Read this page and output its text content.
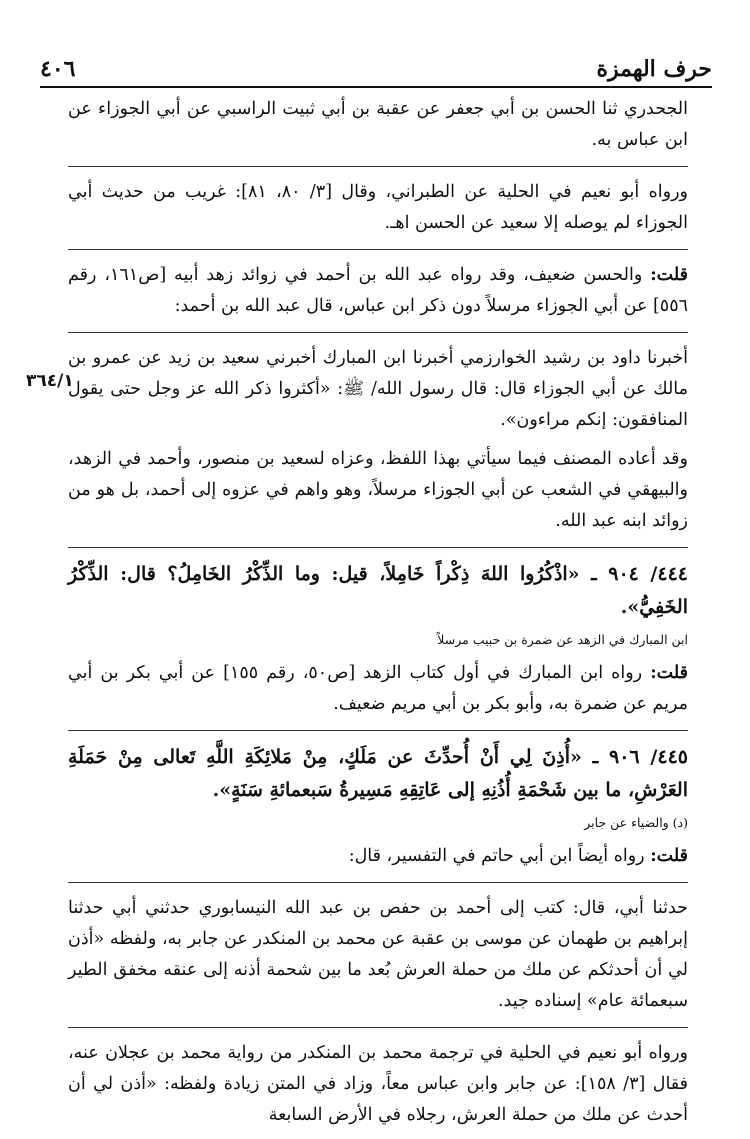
٤٠٦	حرف الهمزة
٣٦٤/١

الجحدري ثنا الحسن بن أبي جعفر عن عقبة بن أبي ثبيت الراسبي عن أبي الجوزاء عن ابن عباس به.

ورواه أبو نعيم في الحلية عن الطبراني، وقال [٣/ ٨٠، ٨١]: غريب من حديث أبي الجوزاء لم يوصله إلا سعيد عن الحسن اهـ.

قلت: والحسن ضعيف، وقد رواه عبد الله بن أحمد في زوائد زهد أبيه [ص١٦١، رقم ٥٥٦] عن أبي الجوزاء مرسلاً دون ذكر ابن عباس، قال عبد الله بن أحمد:

أخبرنا داود بن رشيد الخوارزمي أخبرنا ابن المبارك أخبرني سعيد بن زيد عن عمرو بن مالك عن أبي الجوزاء قال: قال رسول الله/ ﷺ: «أكثروا ذكر الله عز وجل حتى يقول المنافقون: إنكم مراءون».

وقد أعاده المصنف فيما سيأتي بهذا اللفظ، وعزاه لسعيد بن منصور، وأحمد في الزهد، والبيهقي في الشعب عن أبي الجوزاء مرسلاً، وهو واهم في عزوه إلى أحمد، بل هو من زوائد ابنه عبد الله.

٤٤٤/ ٩٠٤ ـ «اذْكُرُوا اللهَ ذِكْراً خَامِلاً، قيل: وما الذِّكْرُ الخَامِلُ؟ قال: الذِّكْرُ الخَفِيُّ».

ابن المبارك في الزهد عن ضمرة بن حبيب مرسلاً

قلت: رواه ابن المبارك في أول كتاب الزهد [ص٥٠، رقم ١٥٥] عن أبي بكر بن أبي مريم عن ضمرة به، وأبو بكر بن أبي مريم ضعيف.

٤٤٥/ ٩٠٦ ـ «أُذِنَ لِي أَنْ أُحدِّثَ عن مَلَكٍ، مِنْ مَلائِكَةِ اللَّهِ تَعالى مِنْ حَمَلَةِ العَرْشِ، ما بين شَحْمَةِ أُذُنِهِ إلى عَاتِقِهِ مَسِيرةُ سَبعمائةِ سَنَةٍ».

(د) والضياء عن جابر

قلت: رواه أيضاً ابن أبي حاتم في التفسير، قال:

حدثنا أبي، قال: كتب إلى أحمد بن حفص بن عبد الله النيسابوري حدثني أبي حدثنا إبراهيم بن طهمان عن موسى بن عقبة عن محمد بن المنكدر عن جابر به، ولفظه «أذن لي أن أحدثكم عن ملك من حملة العرش بُعد ما بين شحمة أذنه إلى عنقه مخفق الطير سبعمائة عام» إسناده جيد.

ورواه أبو نعيم في الحلية في ترجمة محمد بن المنكدر من رواية محمد بن عجلان عنه، فقال [٣/ ١٥٨]: عن جابر وابن عباس معاً، وزاد في المتن زيادة ولفظه: «أذن لي أن أحدث عن ملك من حملة العرش، رجلاه في الأرض السابعة
